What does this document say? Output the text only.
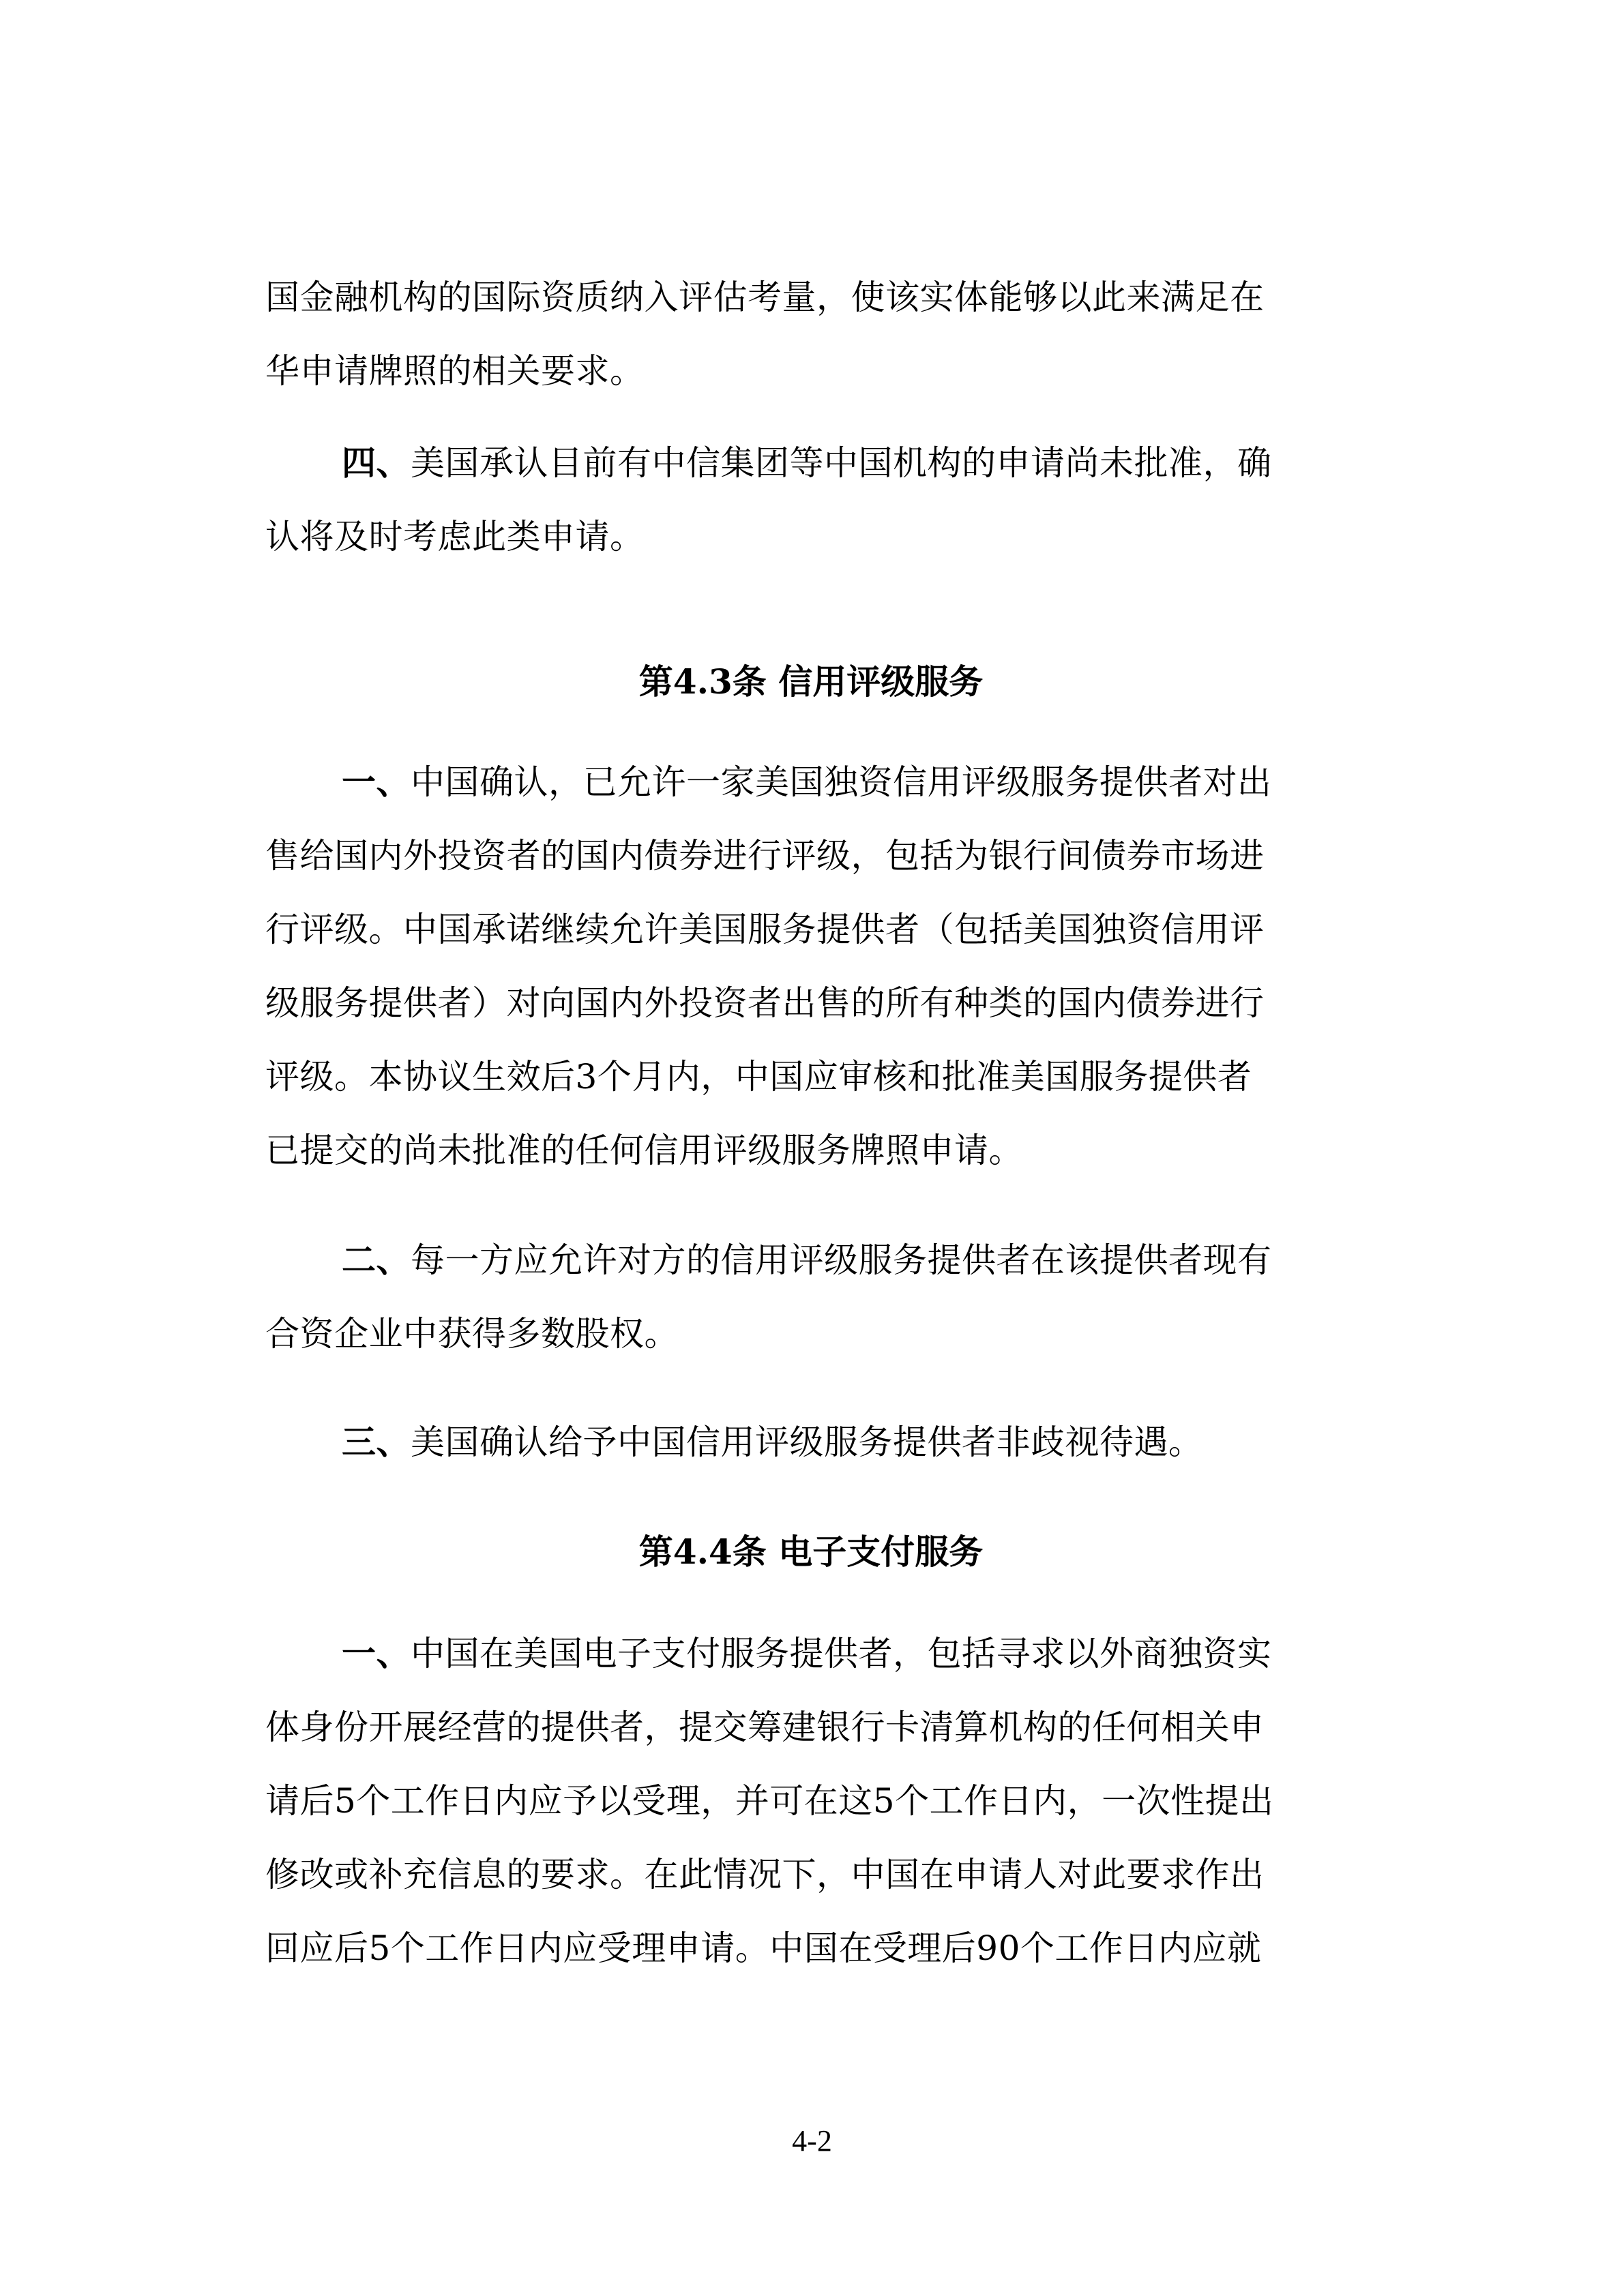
国金融机构的国际资质纳入评估考量，使该实体能够以此来满足在
华申请牌照的相关要求。
四、美国承认目前有中信集团等中国机构的申请尚未批准，确
认将及时考虑此类申请。
第4.3条 信用评级服务
一、中国确认，已允许一家美国独资信用评级服务提供者对出
售给国内外投资者的国内债券进行评级，包括为银行间债券市场进
行评级。中国承诺继续允许美国服务提供者（包括美国独资信用评
级服务提供者）对向国内外投资者出售的所有种类的国内债券进行
评级。本协议生效后3个月内，中国应审核和批准美国服务提供者
已提交的尚未批准的任何信用评级服务牌照申请。
二、每一方应允许对方的信用评级服务提供者在该提供者现有
合资企业中获得多数股权。
三、美国确认给予中国信用评级服务提供者非歧视待遇。
第4.4条 电子支付服务
一、中国在美国电子支付服务提供者，包括寻求以外商独资实
体身份开展经营的提供者，提交筹建银行卡清算机构的任何相关申
请后5个工作日内应予以受理，并可在这5个工作日内，一次性提出
修改或补充信息的要求。在此情况下，中国在申请人对此要求作出
回应后5个工作日内应受理申请。中国在受理后90个工作日内应就
4-2
